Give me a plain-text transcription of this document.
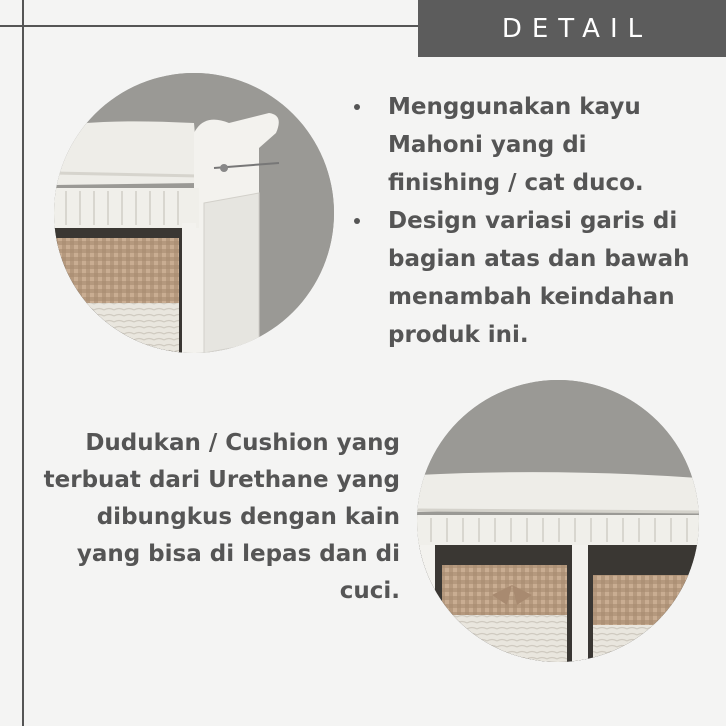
DETAIL
Menggunakan kayu Mahoni yang di finishing / cat duco.
Design variasi garis di bagian atas dan bawah menambah keindahan produk ini.
Dudukan / Cushion yang terbuat dari Urethane yang dibungkus dengan kain yang bisa di lepas dan di cuci.
